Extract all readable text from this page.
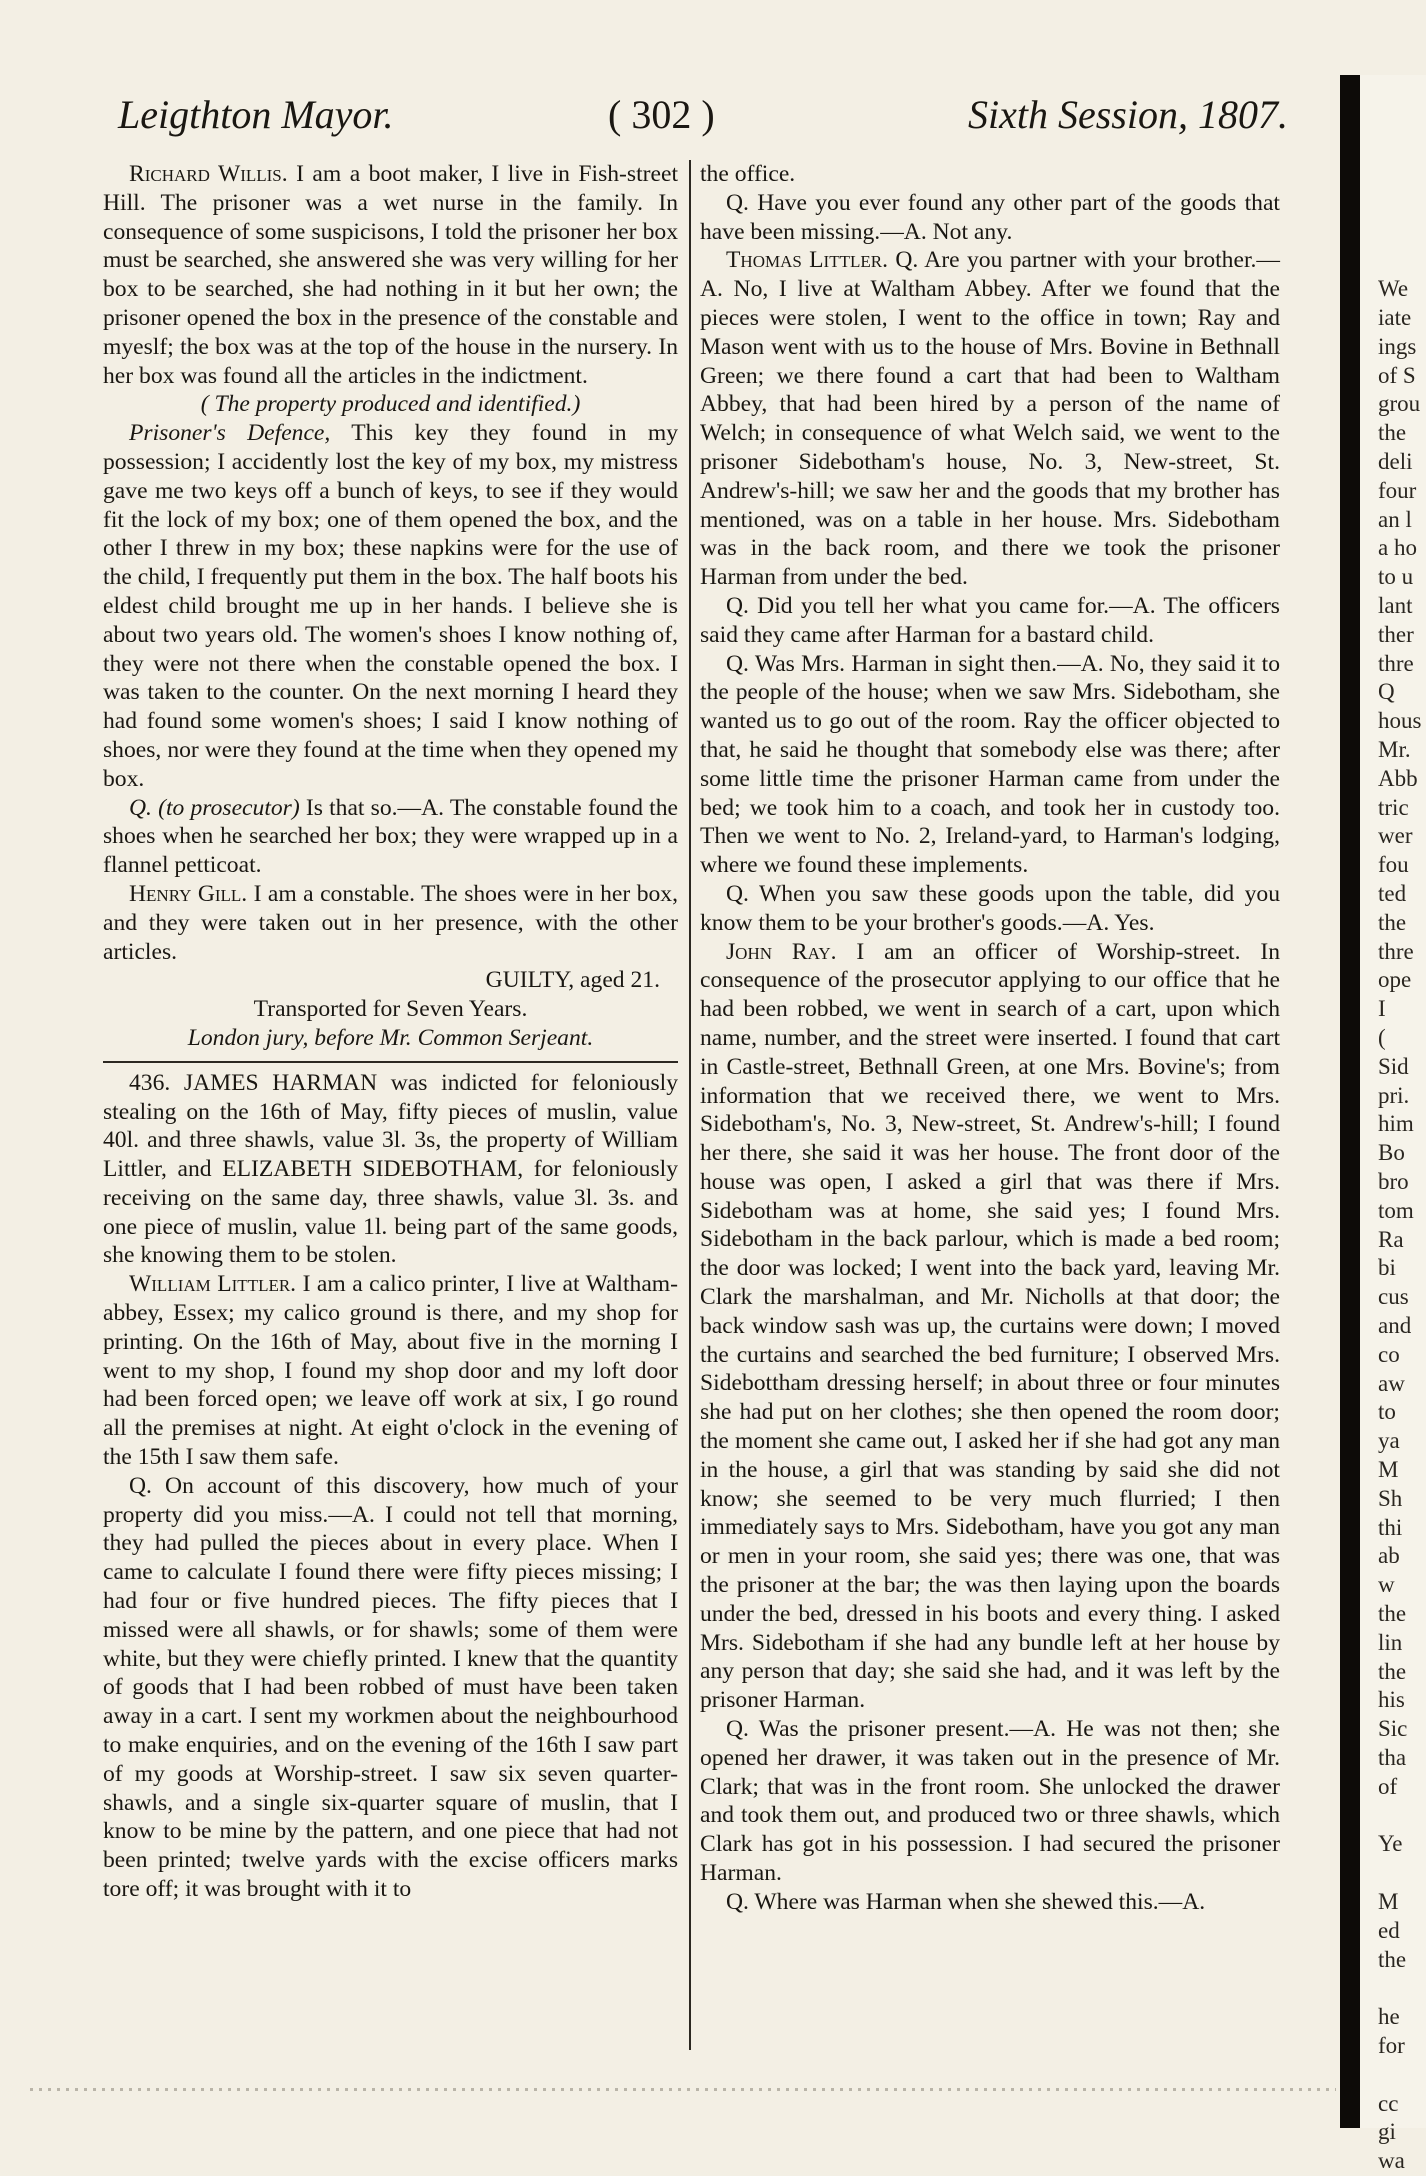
Leigthton Mayor.	( 302 )	Sixth Session, 1807.

Richard Willis. I am a boot maker, I live in Fish-street Hill. The prisoner was a wet nurse in the family. In consequence of some suspicisons, I told the prisoner her box must be searched, she answered she was very willing for her box to be searched, she had nothing in it but her own; the prisoner opened the box in the presence of the constable and myeslf; the box was at the top of the house in the nursery. In her box was found all the articles in the indictment.

( The property produced and identified.)

Prisoner's Defence, This key they found in my possession; I accidently lost the key of my box, my mistress gave me two keys off a bunch of keys, to see if they would fit the lock of my box; one of them opened the box, and the other I threw in my box; these napkins were for the use of the child, I frequently put them in the box. The half boots his eldest child brought me up in her hands. I believe she is about two years old. The women's shoes I know nothing of, they were not there when the constable opened the box. I was taken to the counter. On the next morning I heard they had found some women's shoes; I said I know nothing of shoes, nor were they found at the time when they opened my box.

Q. (to prosecutor) Is that so.—A. The constable found the shoes when he searched her box; they were wrapped up in a flannel petticoat.

Henry Gill. I am a constable. The shoes were in her box, and they were taken out in her presence, with the other articles.

GUILTY, aged 21.

Transported for Seven Years.

London jury, before Mr. Common Serjeant.

436. JAMES HARMAN was indicted for feloniously stealing on the 16th of May, fifty pieces of muslin, value 40l. and three shawls, value 3l. 3s, the property of William Littler, and ELIZABETH SIDEBOTHAM, for feloniously receiving on the same day, three shawls, value 3l. 3s. and one piece of muslin, value 1l. being part of the same goods, she knowing them to be stolen.

William Littler. I am a calico printer, I live at Waltham-abbey, Essex; my calico ground is there, and my shop for printing. On the 16th of May, about five in the morning I went to my shop, I found my shop door and my loft door had been forced open; we leave off work at six, I go round all the premises at night. At eight o'clock in the evening of the 15th I saw them safe.

Q. On account of this discovery, how much of your property did you miss.—A. I could not tell that morning, they had pulled the pieces about in every place. When I came to calculate I found there were fifty pieces missing; I had four or five hundred pieces. The fifty pieces that I missed were all shawls, or for shawls; some of them were white, but they were chiefly printed. I knew that the quantity of goods that I had been robbed of must have been taken away in a cart. I sent my workmen about the neighbourhood to make enquiries, and on the evening of the 16th I saw part of my goods at Worship-street. I saw six seven quarter-shawls, and a single six-quarter square of muslin, that I know to be mine by the pattern, and one piece that had not been printed; twelve yards with the excise officers marks tore off; it was brought with it to

the office.

Q. Have you ever found any other part of the goods that have been missing.—A. Not any.

Thomas Littler. Q. Are you partner with your brother.—A. No, I live at Waltham Abbey. After we found that the pieces were stolen, I went to the office in town; Ray and Mason went with us to the house of Mrs. Bovine in Bethnall Green; we there found a cart that had been to Waltham Abbey, that had been hired by a person of the name of Welch; in consequence of what Welch said, we went to the prisoner Sidebotham's house, No. 3, New-street, St. Andrew's-hill; we saw her and the goods that my brother has mentioned, was on a table in her house. Mrs. Sidebotham was in the back room, and there we took the prisoner Harman from under the bed.

Q. Did you tell her what you came for.—A. The officers said they came after Harman for a bastard child.

Q. Was Mrs. Harman in sight then.—A. No, they said it to the people of the house; when we saw Mrs. Sidebotham, she wanted us to go out of the room. Ray the officer objected to that, he said he thought that somebody else was there; after some little time the prisoner Harman came from under the bed; we took him to a coach, and took her in custody too. Then we went to No. 2, Ireland-yard, to Harman's lodging, where we found these implements.

Q. When you saw these goods upon the table, did you know them to be your brother's goods.—A. Yes.

John Ray. I am an officer of Worship-street. In consequence of the prosecutor applying to our office that he had been robbed, we went in search of a cart, upon which name, number, and the street were inserted. I found that cart in Castle-street, Bethnall Green, at one Mrs. Bovine's; from information that we received there, we went to Mrs. Sidebotham's, No. 3, New-street, St. Andrew's-hill; I found her there, she said it was her house. The front door of the house was open, I asked a girl that was there if Mrs. Sidebotham was at home, she said yes; I found Mrs. Sidebotham in the back parlour, which is made a bed room; the door was locked; I went into the back yard, leaving Mr. Clark the marshalman, and Mr. Nicholls at that door; the back window sash was up, the curtains were down; I moved the curtains and searched the bed furniture; I observed Mrs. Sidebottham dressing herself; in about three or four minutes she had put on her clothes; she then opened the room door; the moment she came out, I asked her if she had got any man in the house, a girl that was standing by said she did not know; she seemed to be very much flurried; I then immediately says to Mrs. Sidebotham, have you got any man or men in your room, she said yes; there was one, that was the prisoner at the bar; the was then laying upon the boards under the bed, dressed in his boots and every thing. I asked Mrs. Sidebotham if she had any bundle left at her house by any person that day; she said she had, and it was left by the prisoner Harman.

Q. Was the prisoner present.—A. He was not then; she opened her drawer, it was taken out in the presence of Mr. Clark; that was in the front room. She unlocked the drawer and took them out, and produced two or three shawls, which Clark has got in his possession. I had secured the prisoner Harman.

Q. Where was Harman when she shewed this.—A.

We
iate
ings
of S
grou
the
deli
four
an l
a ho
to u
lant
ther
thre
Q
hous
Mr.
Abb
tric
wer
fou
ted
the
thre
ope
I
(
Sid
pri.
him
Bo
bro
tom
Ra
bi
cus
and
co
aw
to
ya
M
Sh
thi
ab
w
the
lin
the
his
Sic
tha
of
Ye
M
ed
the
he
for
cc
gi
wa
